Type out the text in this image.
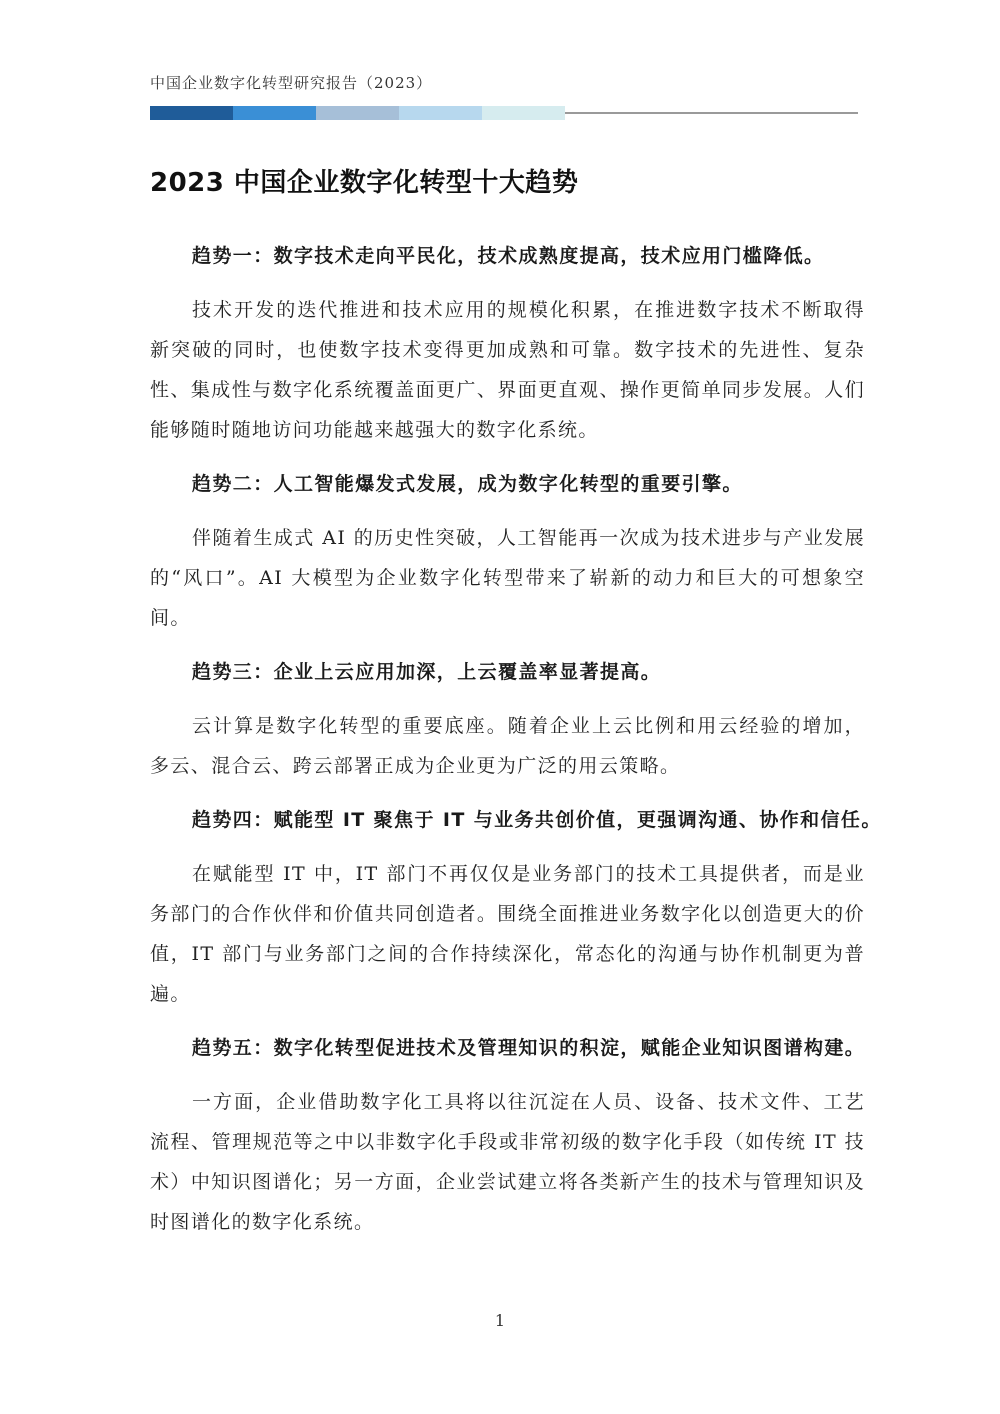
中国企业数字化转型研究报告（2023）
2023 中国企业数字化转型十大趋势

趋势一：数字技术走向平民化，技术成熟度提高，技术应用门槛降低。

技术开发的迭代推进和技术应用的规模化积累，在推进数字技术不断取得新突破的同时，也使数字技术变得更加成熟和可靠。数字技术的先进性、复杂性、集成性与数字化系统覆盖面更广、界面更直观、操作更简单同步发展。人们能够随时随地访问功能越来越强大的数字化系统。

趋势二：人工智能爆发式发展，成为数字化转型的重要引擎。

伴随着生成式 AI 的历史性突破，人工智能再一次成为技术进步与产业发展的“风口”。AI 大模型为企业数字化转型带来了崭新的动力和巨大的可想象空间。

趋势三：企业上云应用加深，上云覆盖率显著提高。

云计算是数字化转型的重要底座。随着企业上云比例和用云经验的增加，多云、混合云、跨云部署正成为企业更为广泛的用云策略。

趋势四：赋能型 IT 聚焦于 IT 与业务共创价值，更强调沟通、协作和信任。

在赋能型 IT 中，IT 部门不再仅仅是业务部门的技术工具提供者，而是业务部门的合作伙伴和价值共同创造者。围绕全面推进业务数字化以创造更大的价值，IT 部门与业务部门之间的合作持续深化，常态化的沟通与协作机制更为普遍。

趋势五：数字化转型促进技术及管理知识的积淀，赋能企业知识图谱构建。

一方面，企业借助数字化工具将以往沉淀在人员、设备、技术文件、工艺流程、管理规范等之中以非数字化手段或非常初级的数字化手段（如传统 IT 技术）中知识图谱化；另一方面，企业尝试建立将各类新产生的技术与管理知识及时图谱化的数字化系统。

1
